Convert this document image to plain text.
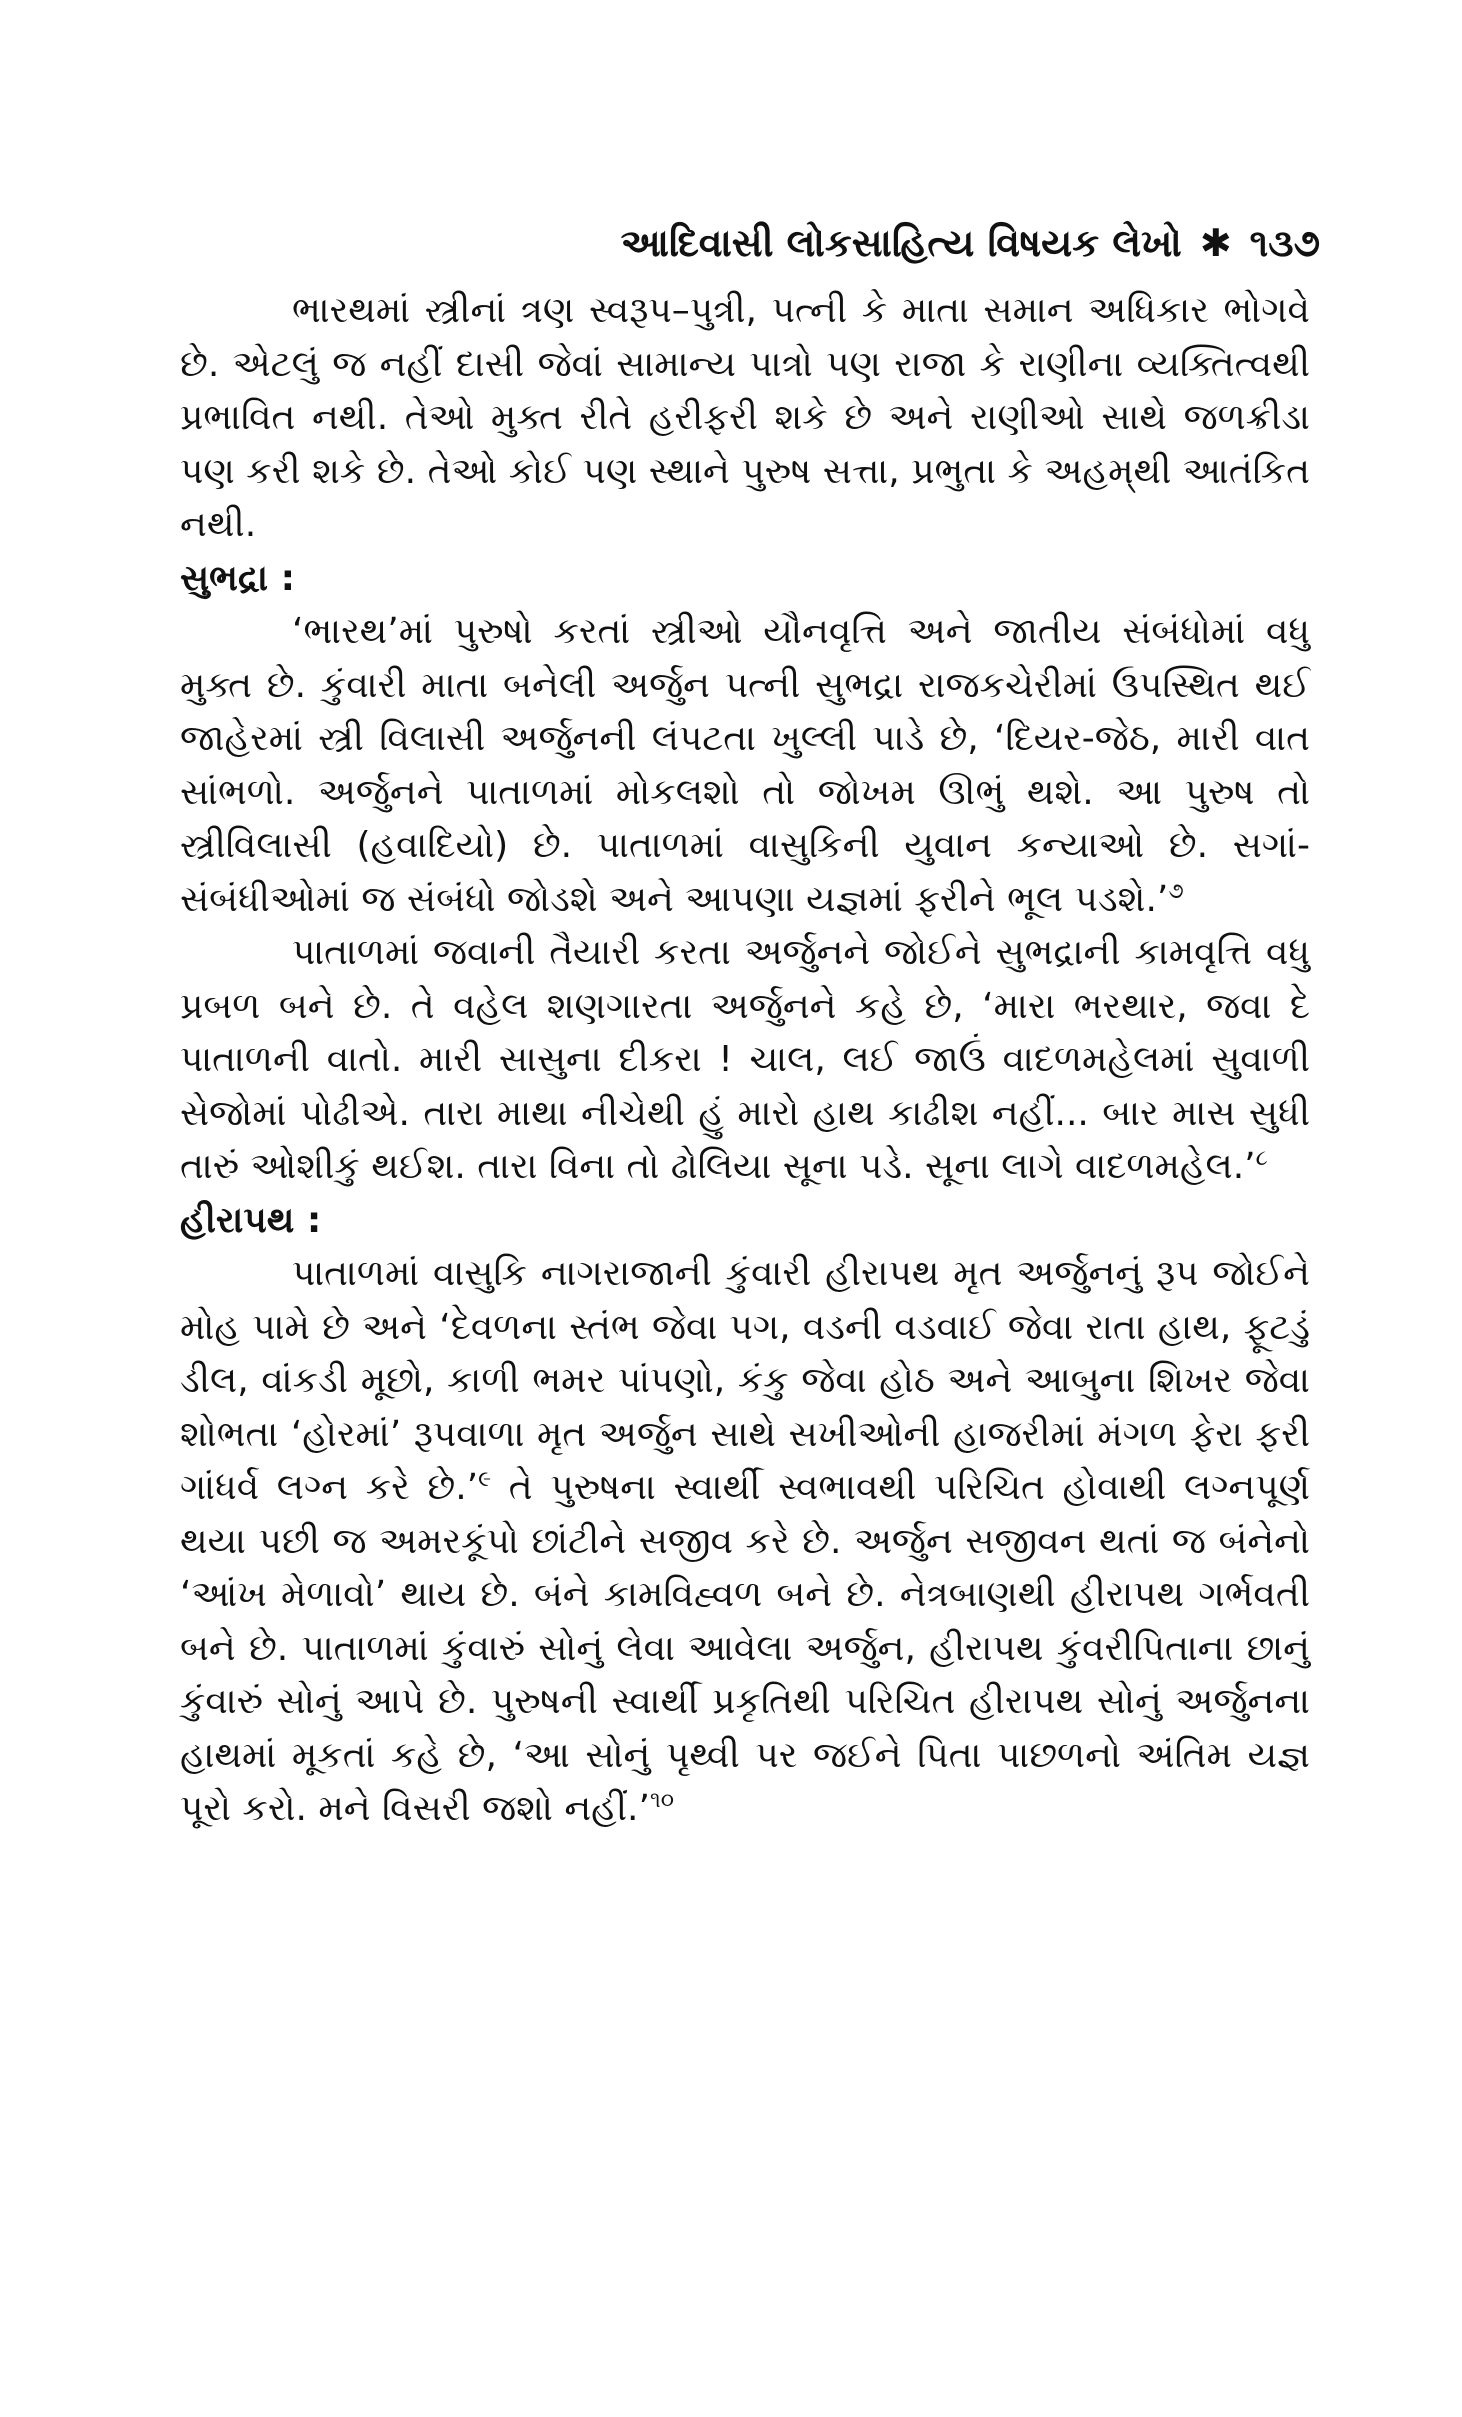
આદિવાસી લોકસાહિત્ય વિષયક લેખો ✱ ૧૩૭

ભારથમાં સ્ત્રીનાં ત્રણ સ્વરૂપ–પુત્રી, પત્ની કે માતા સમાન અધિકાર ભોગવે છે. એટલું જ નહીં દાસી જેવાં સામાન્ય પાત્રો પણ રાજા કે રાણીના વ્યક્તિત્વથી પ્રભાવિત નથી. તેઓ મુક્ત રીતે હરીફરી શકે છે અને રાણીઓ સાથે જળક્રીડા પણ કરી શકે છે. તેઓ કોઈ પણ સ્થાને પુરુષ સત્તા, પ્રભુતા કે અહમ્‌થી આતંકિત નથી.

સુભદ્રા :

‘ભારથ’માં પુરુષો કરતાં સ્ત્રીઓ યૌનવૃત્તિ અને જાતીય સંબંધોમાં વધુ મુક્ત છે. કુંવારી માતા બનેલી અર્જુન પત્ની સુભદ્રા રાજકચેરીમાં ઉપસ્થિત થઈ જાહેરમાં સ્ત્રી વિલાસી અર્જુનની લંપટતા ખુલ્લી પાડે છે, ‘દિયર-જેઠ, મારી વાત સાંભળો. અર્જુનને પાતાળમાં મોકલશો તો જોખમ ઊભું થશે. આ પુરુષ તો સ્ત્રીવિલાસી (હવાદિયો) છે. પાતાળમાં વાસુકિની યુવાન કન્યાઓ છે. સગાં-સંબંધીઓમાં જ સંબંધો જોડશે અને આપણા યજ્ઞમાં ફરીને ભૂલ પડશે.’$^૭$

પાતાળમાં જવાની તૈયારી કરતા અર્જુનને જોઈને સુભદ્રાની કામવૃત્તિ વધુ પ્રબળ બને છે. તે વહેલ શણગારતા અર્જુનને કહે છે, ‘મારા ભરથાર, જવા દે પાતાળની વાતો. મારી સાસુના દીકરા ! ચાલ, લઈ જાઉં વાદળમહેલમાં સુવાળી સેજોમાં પોઢીએ. તારા માથા નીચેથી હું મારો હાથ કાઢીશ નહીં... બાર માસ સુધી તારું ઓશીકું થઈશ. તારા વિના તો ઢોલિયા સૂના પડે. સૂના લાગે વાદળમહેલ.’$^૮$

હીરાપથ :

પાતાળમાં વાસુકિ નાગરાજાની કુંવારી હીરાપથ મૃત અર્જુનનું રૂપ જોઈને મોહ પામે છે અને ‘દેવળના સ્તંભ જેવા પગ, વડની વડવાઈ જેવા રાતા હાથ, ફૂટડું ડીલ, વાંકડી મૂછો, કાળી ભમર પાંપણો, કંકુ જેવા હોઠ અને આબુના શિખર જેવા શોભતા ‘હોરમાં’ રૂપવાળા મૃત અર્જુન સાથે સખીઓની હાજરીમાં મંગળ ફેરા ફરી ગાંધર્વ લગ્ન કરે છે.’$^૯$ તે પુરુષના સ્વાર્થી સ્વભાવથી પરિચિત હોવાથી લગ્નપૂર્ણ થયા પછી જ અમરકૂંપો છાંટીને સજીવ કરે છે. અર્જુન સજીવન થતાં જ બંનેનો ‘આંખ મેળાવો’ થાય છે. બંને કામવિહ્વળ બને છે. નેત્રબાણથી હીરાપથ ગર્ભવતી બને છે. પાતાળમાં કુંવારું સોનું લેવા આવેલા અર્જુન, હીરાપથ કુંવરીપિતાના છાનું કુંવારું સોનું આપે છે. પુરુષની સ્વાર્થી પ્રકૃતિથી પરિચિત હીરાપથ સોનું અર્જુનના હાથમાં મૂકતાં કહે છે, ‘આ સોનું પૃથ્વી પર જઈને પિતા પાછળનો અંતિમ યજ્ઞ પૂરો કરો. મને વિસરી જશો નહીં.’$^{૧૦}$
